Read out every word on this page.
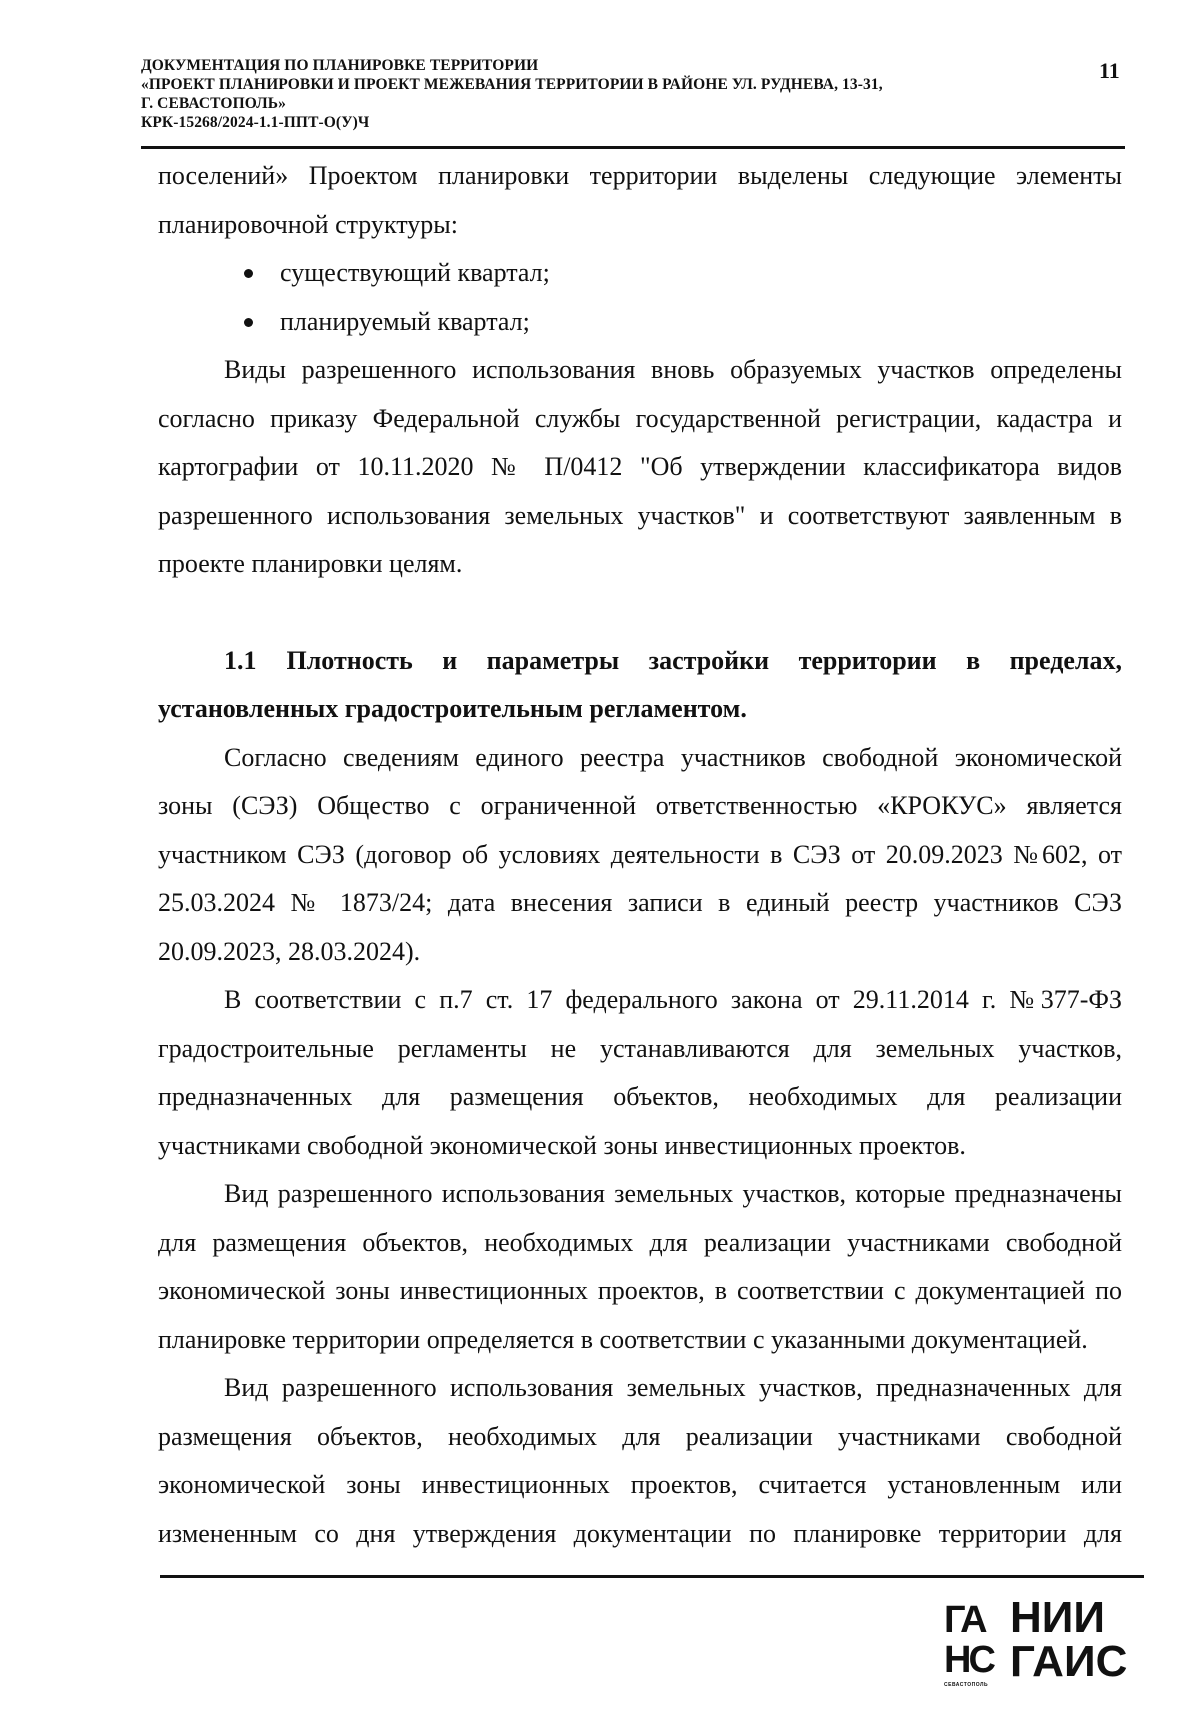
ДОКУМЕНТАЦИЯ ПО ПЛАНИРОВКЕ ТЕРРИТОРИИ
«ПРОЕКТ ПЛАНИРОВКИ И ПРОЕКТ МЕЖЕВАНИЯ ТЕРРИТОРИИ В РАЙОНЕ УЛ. РУДНЕВА, 13-31,
Г. СЕВАСТОПОЛЬ»
КРК-15268/2024-1.1-ППТ-О(У)Ч
11

поселений» Проектом планировки территории выделены следующие элементы планировочной структуры:

существующий квартал;
планируемый квартал;

Виды разрешенного использования вновь образуемых участков определены согласно приказу Федеральной службы государственной регистрации, кадастра и картографии от 10.11.2020 № П/0412 "Об утверждении классификатора видов разрешенного использования земельных участков" и соответствуют заявленным в проекте планировки целям.

1.1 Плотность и параметры застройки территории в пределах, установленных градостроительным регламентом.

Согласно сведениям единого реестра участников свободной экономической зоны (СЭЗ) Общество с ограниченной ответственностью «КРОКУС» является участником СЭЗ (договор об условиях деятельности в СЭЗ от 20.09.2023 №602, от 25.03.2024 № 1873/24; дата внесения записи в единый реестр участников СЭЗ 20.09.2023, 28.03.2024).

В соответствии с п.7 ст. 17 федерального закона от 29.11.2014 г. №377-ФЗ градостроительные регламенты не устанавливаются для земельных участков, предназначенных для размещения объектов, необходимых для реализации участниками свободной экономической зоны инвестиционных проектов.

Вид разрешенного использования земельных участков, которые предназначены для размещения объектов, необходимых для реализации участниками свободной экономической зоны инвестиционных проектов, в соответствии с документацией по планировке территории определяется в соответствии с указанными документацией.

Вид разрешенного использования земельных участков, предназначенных для размещения объектов, необходимых для реализации участниками свободной экономической зоны инвестиционных проектов, считается установленным или измененным со дня утверждения документации по планировке территории для

ГА
НС
СЕВАСТОПОЛЬ
НИИ
ГАИС
